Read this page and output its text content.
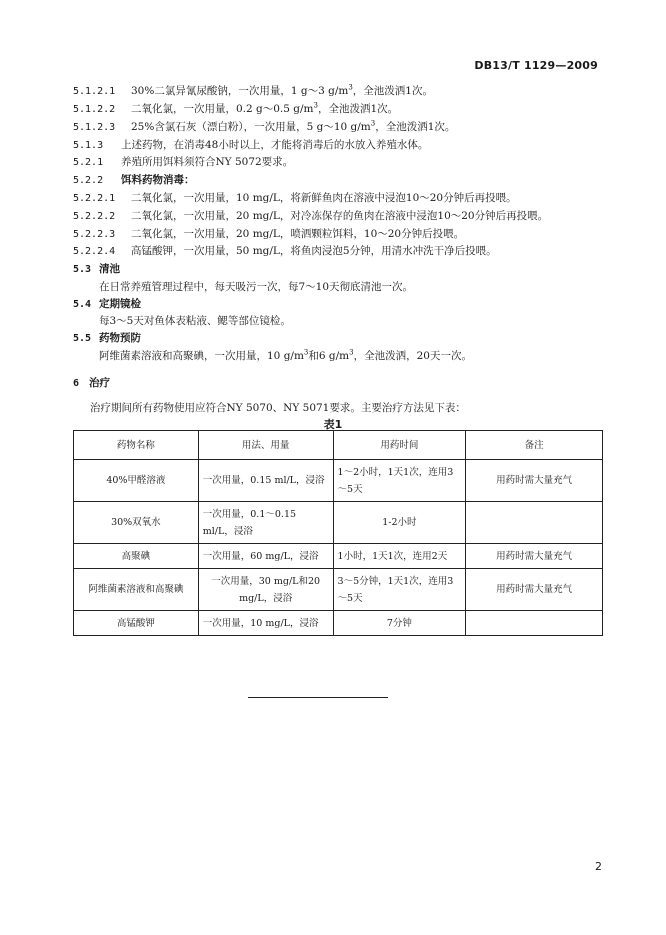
DB13/T 1129—2009
5.1.2.1 30%二氯异氰尿酸钠，一次用量，1 g～3 $g/m^3$，全池泼洒1次。
5.1.2.2 二氧化氯，一次用量，0.2 g～0.5 $g/m^3$，全池泼洒1次。
5.1.2.3 25%含氯石灰（漂白粉），一次用量，5 g～10 $g/m^3$，全池泼洒1次。
5.1.3 上述药物，在消毒48小时以上，才能将消毒后的水放入养殖水体。
5.2.1 养殖所用饵料须符合NY 5072要求。
5.2.2 饵料药物消毒：
5.2.2.1 二氧化氯，一次用量，10 mg/L，将新鲜鱼肉在溶液中浸泡10～20分钟后再投喂。
5.2.2.2 二氧化氯，一次用量，20 mg/L，对冷冻保存的鱼肉在溶液中浸泡10～20分钟后再投喂。
5.2.2.3 二氧化氯，一次用量，20 mg/L，喷洒颗粒饵料，10～20分钟后投喂。
5.2.2.4 高锰酸钾，一次用量，50 mg/L，将鱼肉浸泡5分钟，用清水冲洗干净后投喂。
5.3 清池
在日常养殖管理过程中，每天吸污一次，每7～10天彻底清池一次。
5.4 定期镜检
每3～5天对鱼体表粘液、鳃等部位镜检。
5.5 药物预防
阿维菌素溶液和高聚碘，一次用量，10 $g/m^3$和6 $g/m^3$，全池泼洒，20天一次。
6 治疗
治疗期间所有药物使用应符合NY 5070、NY 5071要求。主要治疗方法见下表：
表1
药物名称	用法、用量	用药时间	备注
40%甲醛溶液	一次用量，0.15 ml/L，浸浴	1～2小时，1天1次，连用3～5天	用药时需大量充气
30%双氧水	一次用量，0.1～0.15 ml/L，浸浴	1-2小时	
高聚碘	一次用量，60 mg/L，浸浴	1小时，1天1次，连用2天	用药时需大量充气
阿维菌素溶液和高聚碘	一次用量，30 mg/L和20 mg/L，浸浴	3～5分钟，1天1次，连用3～5天	用药时需大量充气
高锰酸钾	一次用量，10 mg/L，浸浴	7分钟	
2
